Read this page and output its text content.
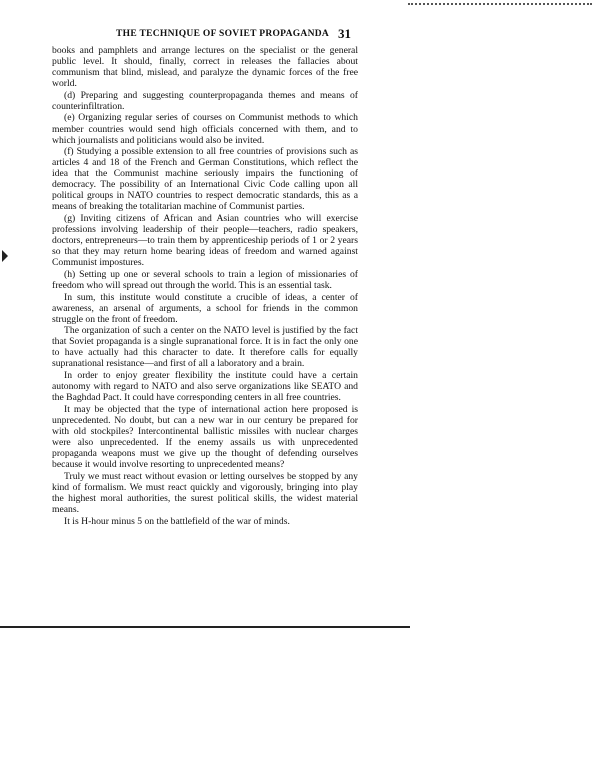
THE TECHNIQUE OF SOVIET PROPAGANDA 31

books and pamphlets and arrange lectures on the specialist or the general public level. It should, finally, correct in releases the fallacies about communism that blind, mislead, and paralyze the dynamic forces of the free world.

(d) Preparing and suggesting counterpropaganda themes and means of counterinfiltration.

(e) Organizing regular series of courses on Communist methods to which member countries would send high officials concerned with them, and to which journalists and politicians would also be invited.

(f) Studying a possible extension to all free countries of provisions such as articles 4 and 18 of the French and German Constitutions, which reflect the idea that the Communist machine seriously impairs the functioning of democracy. The possibility of an International Civic Code calling upon all political groups in NATO countries to respect democratic standards, this as a means of breaking the totalitarian machine of Communist parties.

(g) Inviting citizens of African and Asian countries who will exercise professions involving leadership of their people—teachers, radio speakers, doctors, entrepreneurs—to train them by apprenticeship periods of 1 or 2 years so that they may return home bearing ideas of freedom and warned against Communist impostures.

(h) Setting up one or several schools to train a legion of missionaries of freedom who will spread out through the world. This is an essential task.

In sum, this institute would constitute a crucible of ideas, a center of awareness, an arsenal of arguments, a school for friends in the common struggle on the front of freedom.

The organization of such a center on the NATO level is justified by the fact that Soviet propaganda is a single supranational force. It is in fact the only one to have actually had this character to date. It therefore calls for equally supranational resistance—and first of all a laboratory and a brain.

In order to enjoy greater flexibility the institute could have a certain autonomy with regard to NATO and also serve organizations like SEATO and the Baghdad Pact. It could have corresponding centers in all free countries.

It may be objected that the type of international action here proposed is unprecedented. No doubt, but can a new war in our century be prepared for with old stockpiles? Intercontinental ballistic missiles with nuclear charges were also unprecedented. If the enemy assails us with unprecedented propaganda weapons must we give up the thought of defending ourselves because it would involve resorting to unprecedented means?

Truly we must react without evasion or letting ourselves be stopped by any kind of formalism. We must react quickly and vigorously, bringing into play the highest moral authorities, the surest political skills, the widest material means.

It is H-hour minus 5 on the battlefield of the war of minds.
